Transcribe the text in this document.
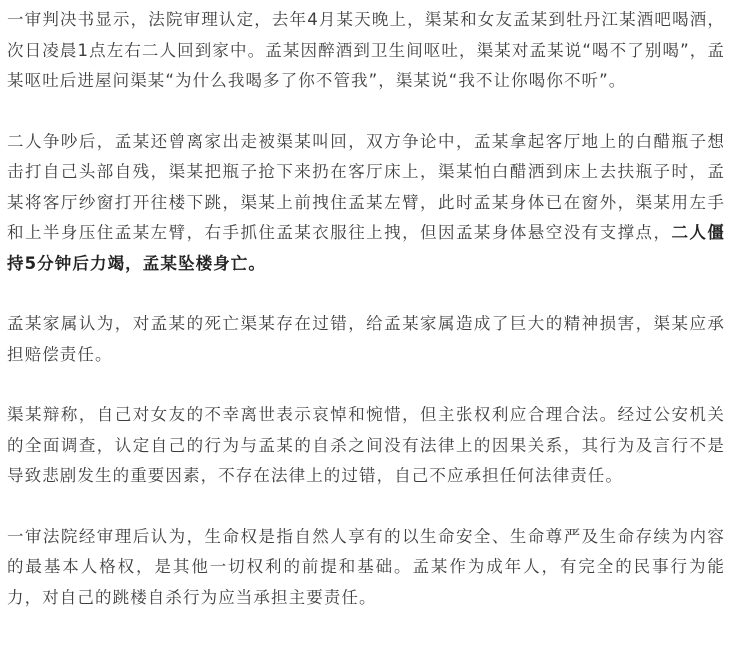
一审判决书显示，法院审理认定，去年4月某天晚上，渠某和女友孟某到牡丹江某酒吧喝酒，次日凌晨1点左右二人回到家中。孟某因醉酒到卫生间呕吐，渠某对孟某说“喝不了别喝”，孟某呕吐后进屋问渠某“为什么我喝多了你不管我”，渠某说“我不让你喝你不听”。

二人争吵后，孟某还曾离家出走被渠某叫回，双方争论中，孟某拿起客厅地上的白醋瓶子想击打自己头部自残，渠某把瓶子抢下来扔在客厅床上，渠某怕白醋洒到床上去扶瓶子时，孟某将客厅纱窗打开往楼下跳，渠某上前拽住孟某左臂，此时孟某身体已在窗外，渠某用左手和上半身压住孟某左臂，右手抓住孟某衣服往上拽，但因孟某身体悬空没有支撑点，二人僵持5分钟后力竭，孟某坠楼身亡。

孟某家属认为，对孟某的死亡渠某存在过错，给孟某家属造成了巨大的精神损害，渠某应承担赔偿责任。

渠某辩称，自己对女友的不幸离世表示哀悼和惋惜，但主张权利应合理合法。经过公安机关的全面调查，认定自己的行为与孟某的自杀之间没有法律上的因果关系，其行为及言行不是导致悲剧发生的重要因素，不存在法律上的过错，自己不应承担任何法律责任。

一审法院经审理后认为，生命权是指自然人享有的以生命安全、生命尊严及生命存续为内容的最基本人格权，是其他一切权利的前提和基础。孟某作为成年人，有完全的民事行为能力，对自己的跳楼自杀行为应当承担主要责任。
